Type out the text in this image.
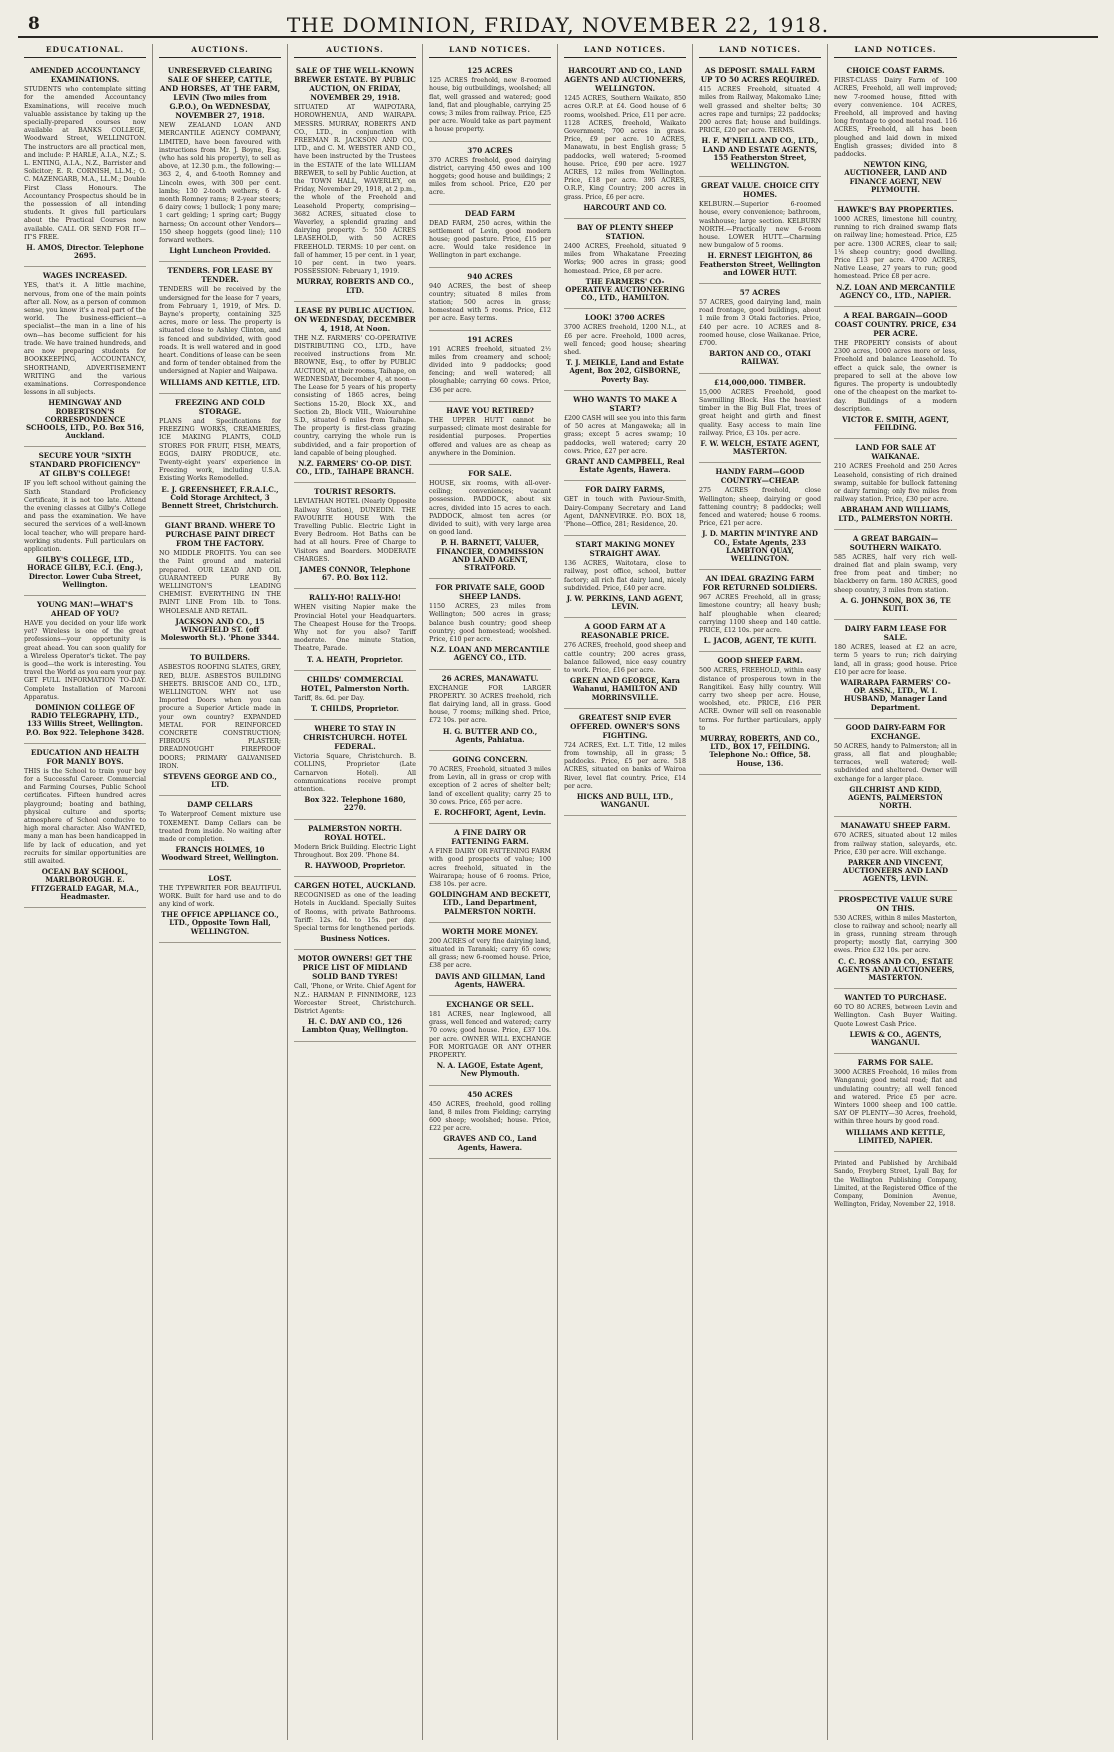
8	THE DOMINION, FRIDAY, NOVEMBER 22, 1918.
EDUCATIONAL.
AMENDED ACCOUNTANCY EXAMINATIONS.
STUDENTS who contemplate sitting for the amended Accountancy Examinations, will receive much valuable assistance by taking up the specially-prepared courses now available at BANKS COLLEGE, Woodward Street, WELLINGTON. The instructors are all practical men, and include: P. HARLE, A.I.A., N.Z.; S. L. ENTING, A.I.A., N.Z., Barrister and Solicitor; E. R. CORNISH, LL.M.; O. C. MAZENGARB, M.A., LL.M.; Double First Class Honours. The Accountancy Prospectus should be in the possession of all intending students. It gives full particulars about the Practical Courses now available. CALL OR SEND FOR IT—IT'S FREE.
H. AMOS, Director. Telephone 2695.
WAGES INCREASED.
YES, that's it. A little machine, nervous, from one of the main points after all. Now, as a person of common sense, you know it's a real part of the world. The business-efficient—a specialist—the man in a line of his own—has become sufficient for his trade. We have trained hundreds, and are now preparing students for BOOKKEEPING, ACCOUNTANCY, SHORTHAND, ADVERTISEMENT WRITING and the various examinations. Correspondence lessons in all subjects.
HEMINGWAY AND ROBERTSON'S CORRESPONDENCE SCHOOLS, LTD., P.O. Box 516, Auckland.
SECURE YOUR "SIXTH STANDARD PROFICIENCY" AT GILBY'S COLLEGE!
IF you left school without gaining the Sixth Standard Proficiency Certificate, it is not too late. Attend the evening classes at Gilby's College and pass the examination. We have secured the services of a well-known local teacher, who will prepare hard-working students. Full particulars on application.
GILBY'S COLLEGE, LTD., HORACE GILBY, F.C.I. (Eng.), Director. Lower Cuba Street, Wellington.
YOUNG MAN!—WHAT'S AHEAD OF YOU?
HAVE you decided on your life work yet? Wireless is one of the great professions—your opportunity is great ahead. You can soon qualify for a Wireless Operator's ticket. The pay is good—the work is interesting. You travel the World as you earn your pay. GET FULL INFORMATION TO-DAY. Complete Installation of Marconi Apparatus.
DOMINION COLLEGE OF RADIO TELEGRAPHY, LTD., 133 Willis Street, Wellington. P.O. Box 922. Telephone 3428.
EDUCATION AND HEALTH FOR MANLY BOYS.
THIS is the School to train your boy for a Successful Career. Commercial and Farming Courses, Public School certificates. Fifteen hundred acres playground; boating and bathing, physical culture and sports; atmosphere of School conducive to high moral character. Also WANTED, many a man has been handicapped in life by lack of education, and yet recruits for similar opportunities are still awaited.
OCEAN BAY SCHOOL, MARLBOROUGH. E. FITZGERALD EAGAR, M.A., Headmaster.
AUCTIONS.
UNRESERVED CLEARING SALE OF SHEEP, CATTLE, AND HORSES, AT THE FARM, LEVIN (Two miles from G.P.O.), On WEDNESDAY, NOVEMBER 27, 1918.
NEW ZEALAND LOAN AND MERCANTILE AGENCY COMPANY, LIMITED, have been favoured with instructions from Mr. J. Boyne, Esq. (who has sold his property), to sell as above, at 12.30 p.m., the following:— 363 2, 4, and 6-tooth Romney and Lincoln ewes, with 300 per cent. lambs; 130 2-tooth wethers; 6 4-month Romney rams; 8 2-year steers; 6 dairy cows; 1 bullock; 1 pony mare; 1 cart gelding; 1 spring cart; Buggy harness; On account other Vendors—150 sheep hoggets (good line); 110 forward wethers.
Light Luncheon Provided.
TENDERS. FOR LEASE BY TENDER.
TENDERS will be received by the undersigned for the lease for 7 years, from February 1, 1919, of Mrs. D. Bayne's property, containing 325 acres, more or less. The property is situated close to Ashley Clinton, and is fenced and subdivided, with good roads. It is well watered and in good heart. Conditions of lease can be seen and form of tender obtained from the undersigned at Napier and Waipawa.
WILLIAMS AND KETTLE, LTD.
FREEZING AND COLD STORAGE.
PLANS and Specifications for FREEZING WORKS, CREAMERIES, ICE MAKING PLANTS, COLD STORES FOR FRUIT, FISH, MEATS, EGGS, DAIRY PRODUCE, etc. Twenty-eight years' experience in Freezing work, including U.S.A. Existing Works Remodelled.
E. J. GREENSHEET, F.R.A.I.C., Cold Storage Architect, 3 Bennett Street, Christchurch.
GIANT BRAND. WHERE TO PURCHASE PAINT DIRECT FROM THE FACTORY.
NO MIDDLE PROFITS. You can see the Paint ground and material prepared. OUR LEAD AND OIL GUARANTEED PURE By WELLINGTON'S LEADING CHEMIST. EVERYTHING IN THE PAINT LINE From 1lb. to Tons. WHOLESALE AND RETAIL.
JACKSON AND CO., 15 WINGFIELD ST. (off Molesworth St.). 'Phone 3344.
TO BUILDERS.
ASBESTOS ROOFING SLATES, GREY, RED, BLUE. ASBESTOS BUILDING SHEETS. BRISCOE AND CO., LTD., WELLINGTON. WHY not use Imported Doors when you can procure a Superior Article made in your own country? EXPANDED METAL FOR REINFORCED CONCRETE CONSTRUCTION; FIBROUS PLASTER; DREADNOUGHT FIREPROOF DOORS; PRIMARY GALVANISED IRON.
STEVENS GEORGE AND CO., LTD.
DAMP CELLARS
To Waterproof Cement mixture use TOXEMENT. Damp Cellars can be treated from inside. No waiting after made or completion.
FRANCIS HOLMES, 10 Woodward Street, Wellington.
LOST.
THE TYPEWRITER FOR BEAUTIFUL WORK. Built for hard use and to do any kind of work.
THE OFFICE APPLIANCE CO., LTD., Opposite Town Hall, WELLINGTON.
AUCTIONS.
SALE OF THE WELL-KNOWN BREWER ESTATE. BY PUBLIC AUCTION, ON FRIDAY, NOVEMBER 29, 1918.
SITUATED AT WAIPOTARA, HOROWHENUA, AND WAIRAPA. MESSRS. MURRAY, ROBERTS AND CO., LTD., in conjunction with FREEMAN R. JACKSON AND CO., LTD., and C. M. WEBSTER AND CO., have been instructed by the Trustees in the ESTATE of the late WILLIAM BREWER, to sell by Public Auction, at the TOWN HALL, WAVERLEY, on Friday, November 29, 1918, at 2 p.m., the whole of the Freehold and Leasehold Property, comprising— 3682 ACRES, situated close to Waverley, a splendid grazing and dairying property. 5: 550 ACRES LEASEHOLD, with 50 ACRES FREEHOLD. TERMS: 10 per cent. on fall of hammer, 15 per cent. in 1 year, 10 per cent. in two years. POSSESSION: February 1, 1919.
MURRAY, ROBERTS AND CO., LTD.
LEASE BY PUBLIC AUCTION. ON WEDNESDAY, DECEMBER 4, 1918, At Noon.
THE N.Z. FARMERS' CO-OPERATIVE DISTRIBUTING CO., LTD., have received instructions from Mr. BROWNE, Esq., to offer by PUBLIC AUCTION, at their rooms, Taihape, on WEDNESDAY, December 4, at noon— The Lease for 5 years of his property consisting of 1865 acres, being Sections 15-20, Block XX., and Section 2b, Block VIII., Waiouruhine S.D., situated 6 miles from Taihape. The property is first-class grazing country, carrying the whole run is subdivided, and a fair proportion of land capable of being ploughed.
N.Z. FARMERS' CO-OP. DIST. CO., LTD., TAIHAPE BRANCH.
TOURIST RESORTS.
LEVIATHAN HOTEL (Nearly Opposite Railway Station), DUNEDIN. THE FAVOURITE HOUSE With the Travelling Public. Electric Light in Every Bedroom. Hot Baths can be had at all hours. Free of Charge to Visitors and Boarders. MODERATE CHARGES.
JAMES CONNOR, Telephone 67. P.O. Box 112.
RALLY-HO! RALLY-HO!
WHEN visiting Napier make the Provincial Hotel your Headquarters. The Cheapest House for the Troops. Why not for you also? Tariff moderate. One minute Station, Theatre, Parade.
T. A. HEATH, Proprietor.
CHILDS' COMMERCIAL HOTEL, Palmerston North.
Tariff, 8s. 6d. per Day.
T. CHILDS, Proprietor.
WHERE TO STAY IN CHRISTCHURCH. HOTEL FEDERAL.
Victoria Square, Christchurch. B. COLLINS, Proprietor (Late Carnarvon Hotel). All communications receive prompt attention.
Box 322. Telephone 1680, 2270.
PALMERSTON NORTH. ROYAL HOTEL.
Modern Brick Building. Electric Light Throughout. Box 209. 'Phone 84.
R. HAYWOOD, Proprietor.
CARGEN HOTEL, AUCKLAND.
RECOGNISED as one of the leading Hotels in Auckland. Specially Suites of Rooms, with private Bathrooms. Tariff: 12s. 6d. to 15s. per day. Special terms for lengthened periods.
Business Notices.
MOTOR OWNERS! GET THE PRICE LIST OF MIDLAND SOLID BAND TYRES!
Call, 'Phone, or Write. Chief Agent for N.Z.: HARMAN P. FINNIMORE, 123 Worcester Street, Christchurch. District Agents:
H. C. DAY AND CO., 126 Lambton Quay, Wellington.
LAND NOTICES.
125 ACRES
125 ACRES freehold, new 8-roomed house, big outbuildings, woolshed; all flat, well grassed and watered; good land, flat and ploughable, carrying 25 cows; 3 miles from railway. Price, £25 per acre. Would take as part payment a house property.
370 ACRES
370 ACRES freehold, good dairying district, carrying 450 ewes and 100 hoggets; good house and buildings; 2 miles from school. Price, £20 per acre.
DEAD FARM
DEAD FARM, 250 acres, within the settlement of Levin, good modern house; good pasture. Price, £15 per acre. Would take residence in Wellington in part exchange.
940 ACRES
940 ACRES, the best of sheep country; situated 8 miles from station; 500 acres in grass; homestead with 5 rooms. Price, £12 per acre. Easy terms.
191 ACRES
191 ACRES freehold, situated 2½ miles from creamery and school; divided into 9 paddocks; good fencing; and well watered; all ploughable; carrying 60 cows. Price, £36 per acre.
HAVE YOU RETIRED?
THE UPPER HUTT cannot be surpassed; climate most desirable for residential purposes. Properties offered and values are as cheap as anywhere in the Dominion.
FOR SALE.
HOUSE, six rooms, with all-over-ceiling; conveniences; vacant possession. PADDOCK, about six acres, divided into 15 acres to each. PADDOCK, almost ten acres (or divided to suit), with very large area on good land.
P. H. BARNETT, VALUER, FINANCIER, COMMISSION AND LAND AGENT, STRATFORD.
FOR PRIVATE SALE, GOOD SHEEP LANDS.
1150 ACRES, 23 miles from Wellington; 500 acres in grass; balance bush country; good sheep country; good homestead; woolshed. Price, £10 per acre.
N.Z. LOAN AND MERCANTILE AGENCY CO., LTD.
26 ACRES, MANAWATU.
EXCHANGE FOR LARGER PROPERTY. 30 ACRES freehold, rich flat dairying land, all in grass. Good house, 7 rooms; milking shed. Price, £72 10s. per acre.
H. G. BUTTER AND CO., Agents, Pahiatua.
GOING CONCERN.
70 ACRES, Freehold, situated 3 miles from Levin, all in grass or crop with exception of 2 acres of shelter belt; land of excellent quality; carry 25 to 30 cows. Price, £65 per acre.
E. ROCHFORT, Agent, Levin.
A FINE DAIRY OR FATTENING FARM.
A FINE DAIRY OR FATTENING FARM with good prospects of value; 100 acres freehold, situated in the Wairarapa; house of 6 rooms. Price, £38 10s. per acre.
GOLDINGHAM AND BECKETT, LTD., Land Department, PALMERSTON NORTH.
WORTH MORE MONEY.
200 ACRES of very fine dairying land, situated in Taranaki; carry 65 cows; all grass; new 6-roomed house. Price, £38 per acre.
DAVIS AND GILLMAN, Land Agents, HAWERA.
EXCHANGE OR SELL.
181 ACRES, near Inglewood, all grass, well fenced and watered; carry 70 cows; good house. Price, £37 10s. per acre. OWNER WILL EXCHANGE FOR MORTGAGE OR ANY OTHER PROPERTY.
N. A. LAGOE, Estate Agent, New Plymouth.
450 ACRES
450 ACRES, freehold, good rolling land, 8 miles from Fielding; carrying 600 sheep; woolshed; house. Price, £22 per acre.
GRAVES AND CO., Land Agents, Hawera.
LAND NOTICES.
HARCOURT AND CO., LAND AGENTS AND AUCTIONEERS, WELLINGTON.
1245 ACRES, Southern Waikato, 850 acres O.R.P. at £4. Good house of 6 rooms, woolshed. Price, £11 per acre. 1128 ACRES, freehold, Waikato Government; 700 acres in grass. Price, £9 per acre. 10 ACRES, Manawatu, in best English grass; 5 paddocks, well watered; 5-roomed house. Price, £90 per acre. 1927 ACRES, 12 miles from Wellington. Price, £18 per acre. 395 ACRES, O.R.P., King Country; 200 acres in grass. Price, £6 per acre.
HARCOURT AND CO.
BAY OF PLENTY SHEEP STATION.
2400 ACRES, Freehold, situated 9 miles from Whakatane Freezing Works; 900 acres in grass; good homestead. Price, £8 per acre.
THE FARMERS' CO-OPERATIVE AUCTIONEERING CO., LTD., HAMILTON.
LOOK! 3700 ACRES
3700 ACRES freehold, 1200 N.L., at £6 per acre. Freehold, 1000 acres, well fenced; good house; shearing shed.
T. J. MEIKLE, Land and Estate Agent, Box 202, GISBORNE, Poverty Bay.
WHO WANTS TO MAKE A START?
£200 CASH will see you into this farm of 50 acres at Mangaweka; all in grass; except 5 acres swamp; 10 paddocks, well watered; carry 20 cows. Price, £27 per acre.
GRANT AND CAMPBELL, Real Estate Agents, Hawera.
FOR DAIRY FARMS,
GET in touch with Paviour-Smith, Dairy-Company Secretary and Land Agent, DANNEVIRKE. P.O. BOX 18, 'Phone—Office, 281; Residence, 20.
START MAKING MONEY STRAIGHT AWAY.
136 ACRES, Waitotara, close to railway, post office, school, butter factory; all rich flat dairy land, nicely subdivided. Price, £40 per acre.
J. W. PERKINS, LAND AGENT, LEVIN.
A GOOD FARM AT A REASONABLE PRICE.
276 ACRES, freehold, good sheep and cattle country; 200 acres grass, balance fallowed, nice easy country to work. Price, £16 per acre.
GREEN AND GEORGE, Kara Wahanui, HAMILTON AND MORRINSVILLE.
GREATEST SNIP EVER OFFERED. OWNER'S SONS FIGHTING.
724 ACRES, Ext. L.T. Title, 12 miles from township, all in grass; 5 paddocks. Price, £5 per acre. 518 ACRES, situated on banks of Wairoa River, level flat country. Price, £14 per acre.
HICKS AND BULL, LTD., WANGANUI.
LAND NOTICES.
AS DEPOSIT. SMALL FARM UP TO 50 ACRES REQUIRED.
415 ACRES Freehold, situated 4 miles from Railway, Makomako Line; well grassed and shelter belts; 30 acres rape and turnips; 22 paddocks; 200 acres flat; house and buildings. PRICE, £20 per acre. TERMS.
H. F. M'NEILL AND CO., LTD., LAND AND ESTATE AGENTS, 155 Featherston Street, WELLINGTON.
GREAT VALUE. CHOICE CITY HOMES.
KELBURN.—Superior 6-roomed house, every convenience; bathroom, washhouse; large section. KELBURN NORTH.—Practically new 6-room house. LOWER HUTT.—Charming new bungalow of 5 rooms.
H. ERNEST LEIGHTON, 86 Featherston Street, Wellington and LOWER HUTT.
57 ACRES
57 ACRES, good dairying land, main road frontage, good buildings, about 1 mile from 3 Otaki factories. Price, £40 per acre. 10 ACRES and 8-roomed house, close Waikanae. Price, £700.
BARTON AND CO., OTAKI RAILWAY.
£14,000,000. TIMBER.
15,000 ACRES Freehold, good Sawmilling Block. Has the heaviest timber in the Big Bull Flat, trees of great height and girth and finest quality. Easy access to main line railway. Price, £3 10s. per acre.
F. W. WELCH, ESTATE AGENT, MASTERTON.
HANDY FARM—GOOD COUNTRY—CHEAP.
275 ACRES freehold, close Wellington; sheep, dairying or good fattening country; 8 paddocks; well fenced and watered; house 6 rooms. Price, £21 per acre.
J. D. MARTIN M'INTYRE AND CO., Estate Agents, 233 LAMBTON QUAY, WELLINGTON.
AN IDEAL GRAZING FARM FOR RETURNED SOLDIERS.
967 ACRES Freehold, all in grass; limestone country; all heavy bush; half ploughable when cleared; carrying 1100 sheep and 140 cattle. PRICE, £12 10s. per acre.
L. JACOB, AGENT, TE KUITI.
GOOD SHEEP FARM.
500 ACRES, FREEHOLD, within easy distance of prosperous town in the Rangitikei. Easy hilly country. Will carry two sheep per acre. House, woolshed, etc. PRICE, £16 PER ACRE. Owner will sell on reasonable terms. For further particulars, apply to
MURRAY, ROBERTS, AND CO., LTD., BOX 17, FEILDING. Telephone No.: Office, 58. House, 136.
LAND NOTICES.
CHOICE COAST FARMS.
FIRST-CLASS Dairy Farm of 100 ACRES, Freehold, all well improved; new 7-roomed house, fitted with every convenience. 104 ACRES, Freehold, all improved and having long frontage to good metal road. 116 ACRES, Freehold, all has been ploughed and laid down in mixed English grasses; divided into 8 paddocks.
NEWTON KING, AUCTIONEER, LAND AND FINANCE AGENT, NEW PLYMOUTH.
HAWKE'S BAY PROPERTIES.
1000 ACRES, limestone hill country, running to rich drained swamp flats on railway line; homestead. Price, £25 per acre. 1300 ACRES, clear to sail; 1⅛ sheep country; good dwelling. Price £13 per acre. 4700 ACRES, Native Lease, 27 years to run; good homestead. Price £8 per acre.
N.Z. LOAN AND MERCANTILE AGENCY CO., LTD., NAPIER.
A REAL BARGAIN—GOOD COAST COUNTRY. PRICE, £34 PER ACRE.
THE PROPERTY consists of about 2300 acres, 1000 acres more or less, Freehold and balance Leasehold. To effect a quick sale, the owner is prepared to sell at the above low figures. The property is undoubtedly one of the cheapest on the market to-day. Buildings of a modern description.
VICTOR E. SMITH, AGENT, FEILDING.
LAND FOR SALE AT WAIKANAE.
210 ACRES Freehold and 250 Acres Leasehold, consisting of rich drained swamp, suitable for bullock fattening or dairy farming; only five miles from railway station. Price, £30 per acre.
ABRAHAM AND WILLIAMS, LTD., PALMERSTON NORTH.
A GREAT BARGAIN—SOUTHERN WAIKATO.
585 ACRES, half very rich well-drained flat and plain swamp, very free from peat and timber; no blackberry on farm. 180 ACRES, good sheep country, 3 miles from station.
A. G. JOHNSON, BOX 36, TE KUITI.
DAIRY FARM LEASE FOR SALE.
180 ACRES, leased at £2 an acre, term 5 years to run; rich dairying land, all in grass; good house. Price £10 per acre for lease.
WAIRARAPA FARMERS' CO-OP. ASSN., LTD., W. I. HUSBAND, Manager Land Department.
GOOD DAIRY-FARM FOR EXCHANGE.
50 ACRES, handy to Palmerston; all in grass, all flat and ploughable; terraces, well watered; well-subdivided and sheltered. Owner will exchange for a larger place.
GILCHRIST AND KIDD, AGENTS, PALMERSTON NORTH.
MANAWATU SHEEP FARM.
670 ACRES, situated about 12 miles from railway station, saleyards, etc. Price, £30 per acre. Will exchange.
PARKER AND VINCENT, AUCTIONEERS AND LAND AGENTS, LEVIN.
PROSPECTIVE VALUE SURE ON THIS.
530 ACRES, within 8 miles Masterton, close to railway and school; nearly all in grass, running stream through property; mostly flat, carrying 300 ewes. Price £32 10s. per acre.
C. C. ROSS AND CO., ESTATE AGENTS AND AUCTIONEERS, MASTERTON.
WANTED TO PURCHASE.
60 TO 80 ACRES, between Levin and Wellington. Cash Buyer Waiting. Quote Lowest Cash Price.
LEWIS & CO., AGENTS, WANGANUI.
FARMS FOR SALE.
3000 ACRES Freehold, 16 miles from Wanganui; good metal road; flat and undulating country; all well fenced and watered. Price £5 per acre. Winters 1000 sheep and 100 cattle. SAY OF PLENTY—30 Acres, freehold, within three hours by good road.
WILLIAMS AND KETTLE, LIMITED, NAPIER.
Printed and Published by Archibald Sando, Freyberg Street, Lyall Bay, for the Wellington Publishing Company, Limited, at the Registered Office of the Company, Dominion Avenue, Wellington, Friday, November 22, 1918.
